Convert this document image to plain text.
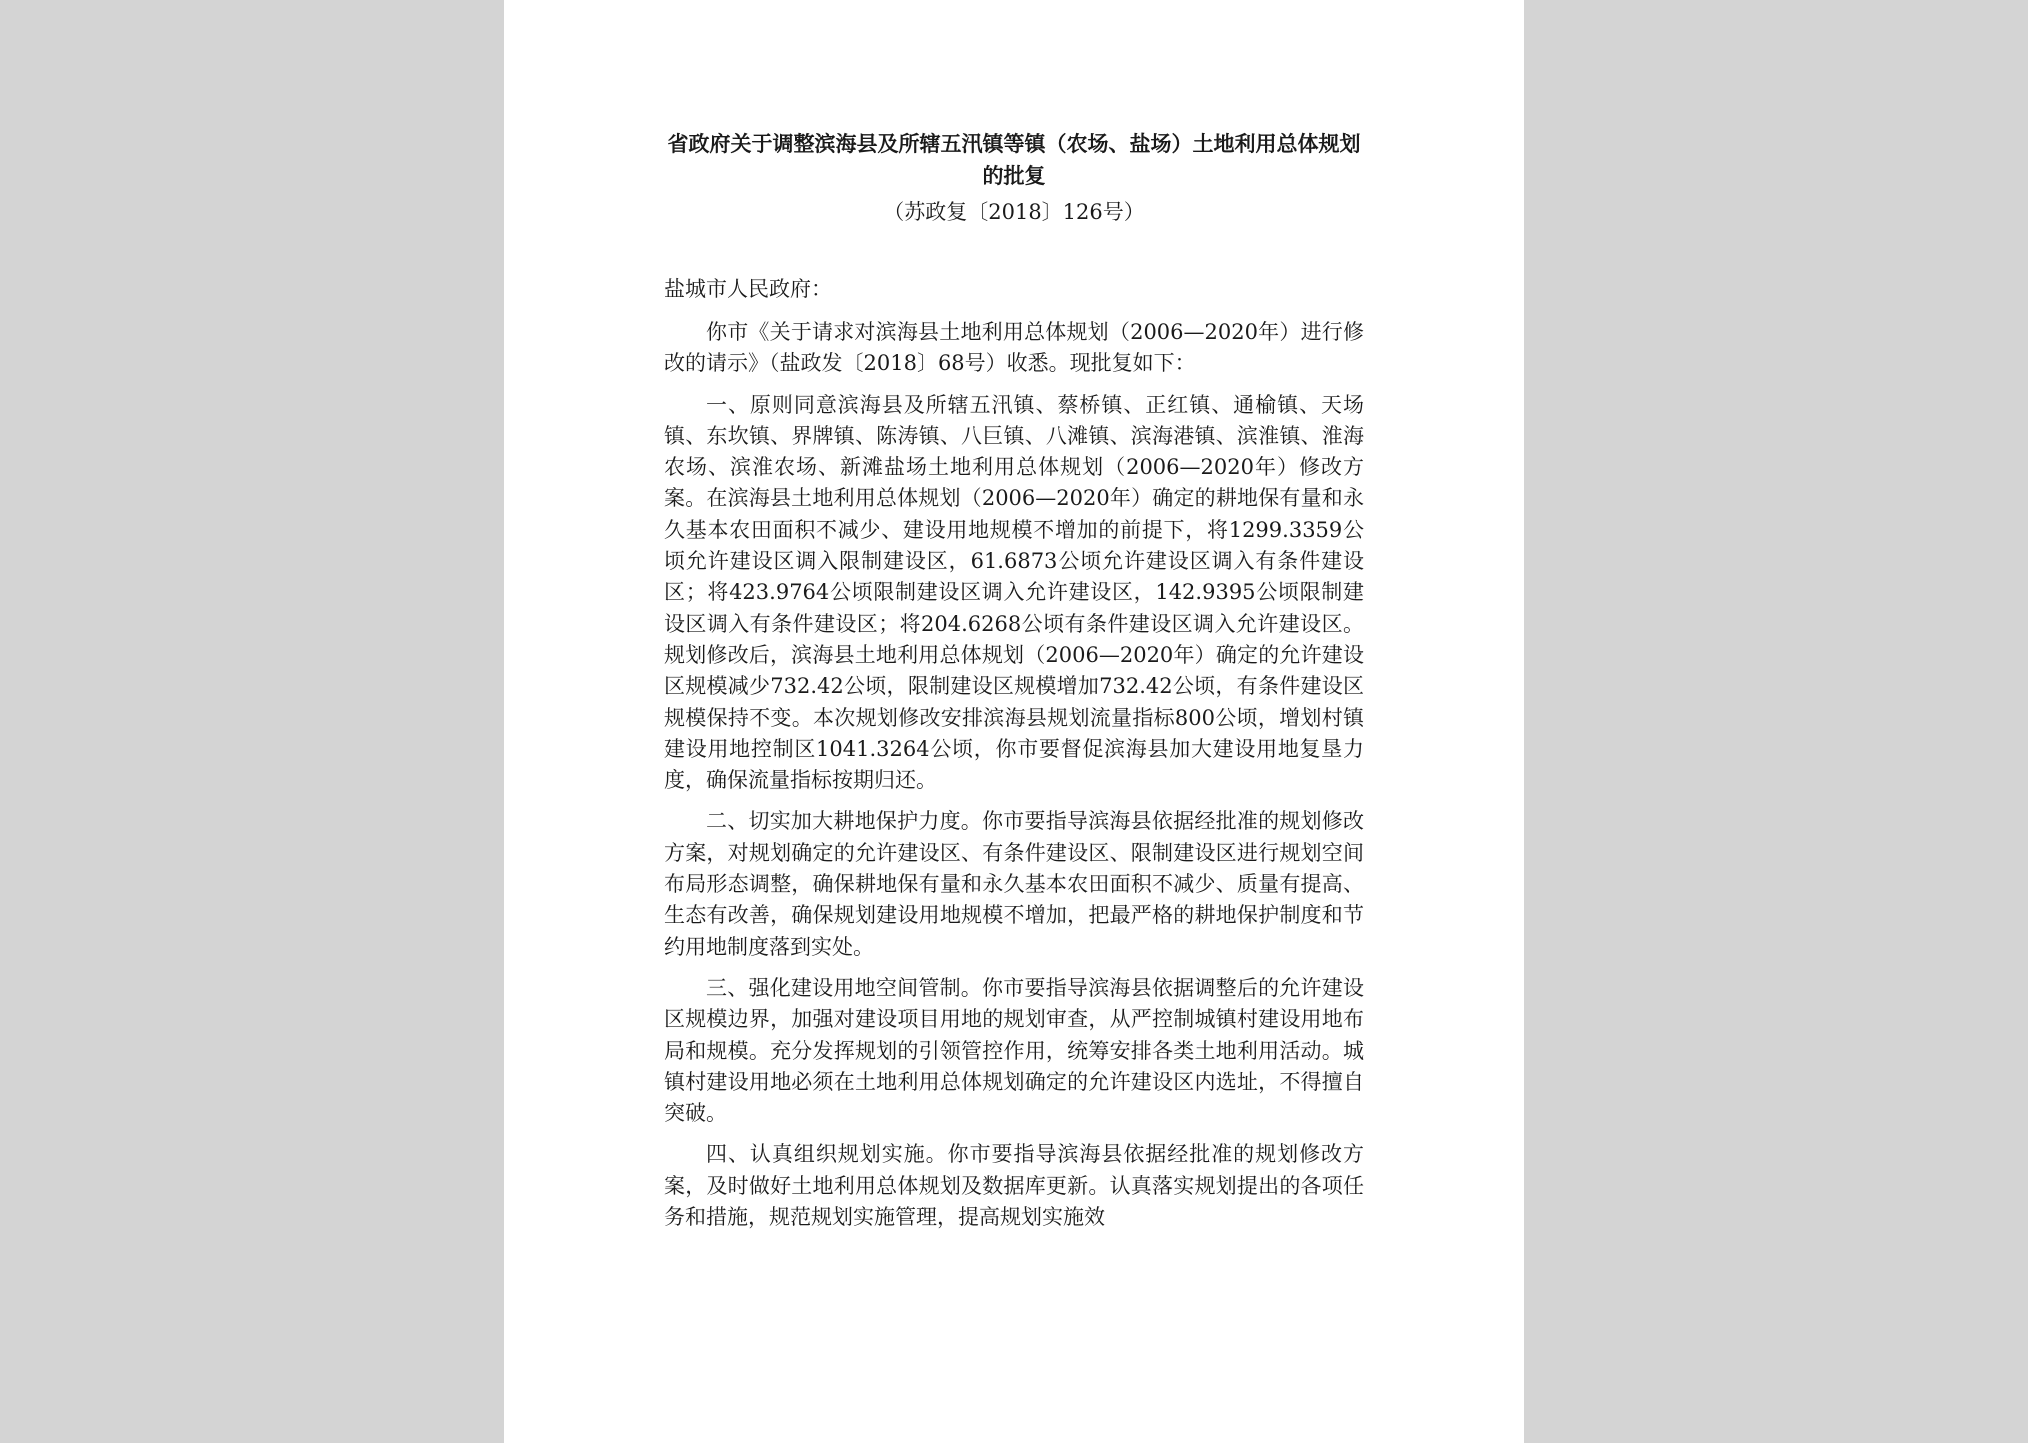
省政府关于调整滨海县及所辖五汛镇等镇（农场、盐场）土地利用总体规划的批复

（苏政复〔2018〕126号）

盐城市人民政府：

你市《关于请求对滨海县土地利用总体规划（2006—2020年）进行修改的请示》（盐政发〔2018〕68号）收悉。现批复如下：

一、原则同意滨海县及所辖五汛镇、蔡桥镇、正红镇、通榆镇、天场镇、东坎镇、界牌镇、陈涛镇、八巨镇、八滩镇、滨海港镇、滨淮镇、淮海农场、滨淮农场、新滩盐场土地利用总体规划（2006—2020年）修改方案。在滨海县土地利用总体规划（2006—2020年）确定的耕地保有量和永久基本农田面积不减少、建设用地规模不增加的前提下，将1299.3359公顷允许建设区调入限制建设区，61.6873公顷允许建设区调入有条件建设区；将423.9764公顷限制建设区调入允许建设区，142.9395公顷限制建设区调入有条件建设区；将204.6268公顷有条件建设区调入允许建设区。规划修改后，滨海县土地利用总体规划（2006—2020年）确定的允许建设区规模减少732.42公顷，限制建设区规模增加732.42公顷，有条件建设区规模保持不变。本次规划修改安排滨海县规划流量指标800公顷，增划村镇建设用地控制区1041.3264公顷，你市要督促滨海县加大建设用地复垦力度，确保流量指标按期归还。

二、切实加大耕地保护力度。你市要指导滨海县依据经批准的规划修改方案，对规划确定的允许建设区、有条件建设区、限制建设区进行规划空间布局形态调整，确保耕地保有量和永久基本农田面积不减少、质量有提高、生态有改善，确保规划建设用地规模不增加，把最严格的耕地保护制度和节约用地制度落到实处。

三、强化建设用地空间管制。你市要指导滨海县依据调整后的允许建设区规模边界，加强对建设项目用地的规划审查，从严控制城镇村建设用地布局和规模。充分发挥规划的引领管控作用，统筹安排各类土地利用活动。城镇村建设用地必须在土地利用总体规划确定的允许建设区内选址，不得擅自突破。

四、认真组织规划实施。你市要指导滨海县依据经批准的规划修改方案，及时做好土地利用总体规划及数据库更新。认真落实规划提出的各项任务和措施，规范规划实施管理，提高规划实施效
